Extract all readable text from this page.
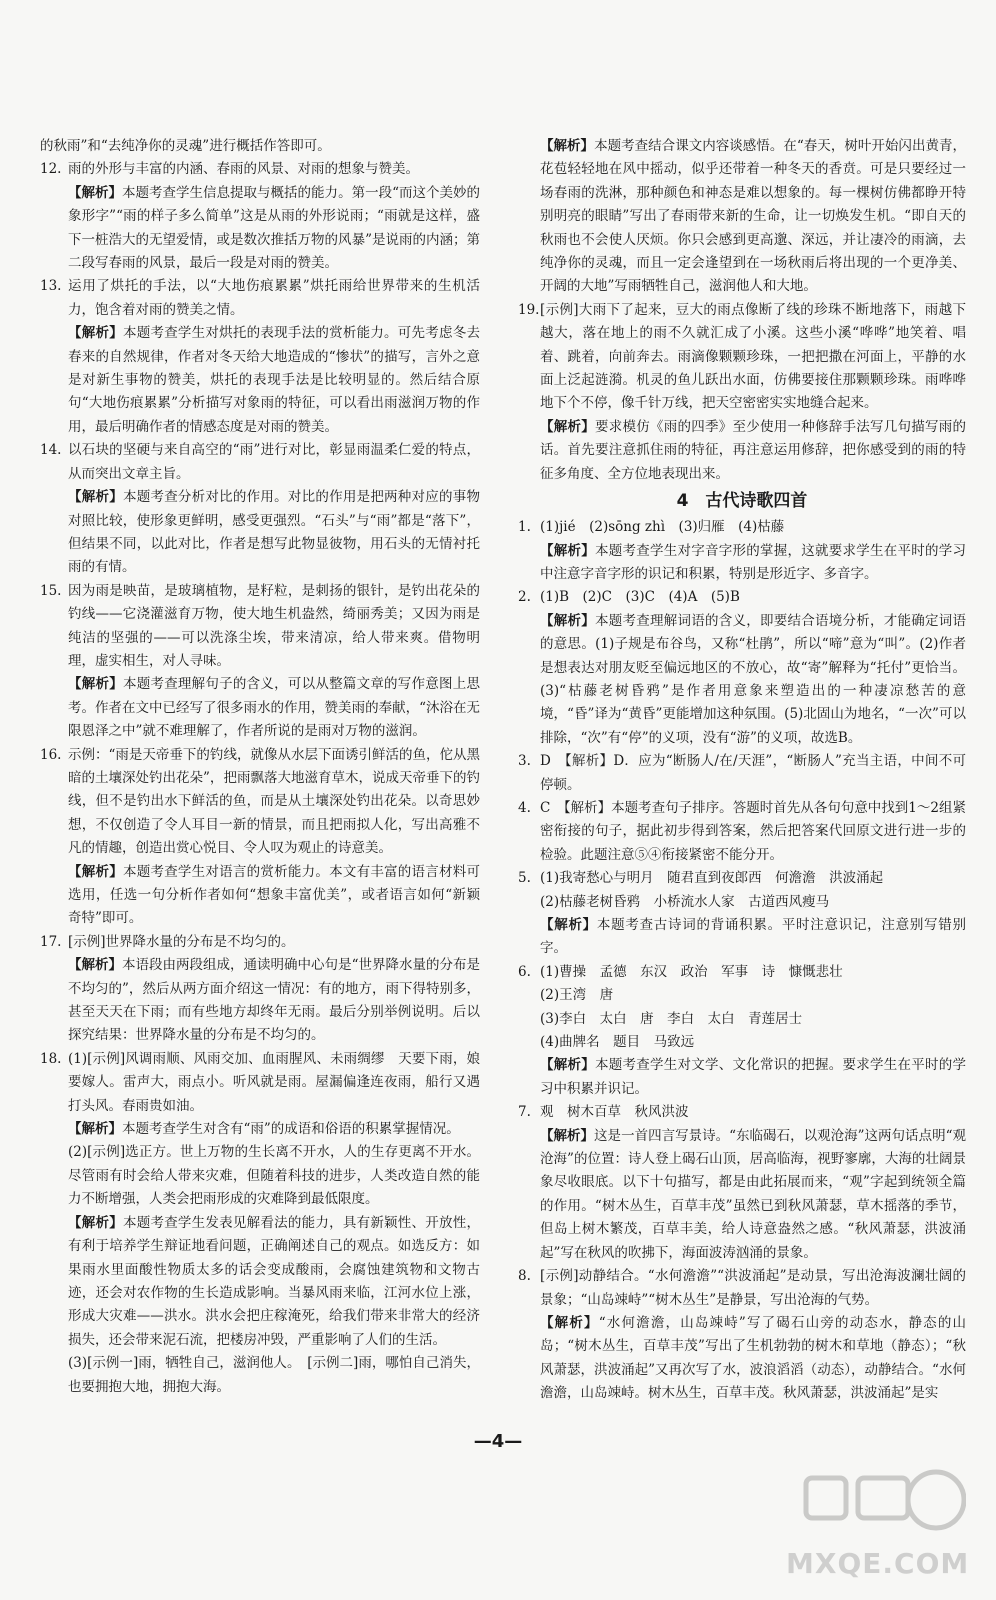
的秋雨”和“去纯净你的灵魂”进行概括作答即可。

12. 雨的外形与丰富的内涵、春雨的风景、对雨的想象与赞美。

【解析】本题考查学生信息提取与概括的能力。第一段“而这个美妙的象形字”“雨的样子多么简单”这是从雨的外形说雨；“雨就是这样，盛下一桩浩大的无望爱情，或是数次推括万物的风暴”是说雨的内涵；第二段写春雨的风景，最后一段是对雨的赞美。

13. 运用了烘托的手法，以“大地伤痕累累”烘托雨给世界带来的生机活力，饱含着对雨的赞美之情。

【解析】本题考查学生对烘托的表现手法的赏析能力。可先考虑冬去春来的自然规律，作者对冬天给大地造成的“惨状”的描写，言外之意是对新生事物的赞美，烘托的表现手法是比较明显的。然后结合原句“大地伤痕累累”分析描写对象雨的特征，可以看出雨滋润万物的作用，最后明确作者的情感态度是对雨的赞美。

14. 以石块的坚硬与来自高空的“雨”进行对比，彰显雨温柔仁爱的特点，从而突出文章主旨。

【解析】本题考查分析对比的作用。对比的作用是把两种对应的事物对照比较，使形象更鲜明，感受更强烈。“石头”与“雨”都是“落下”，但结果不同，以此对比，作者是想写此物显彼物，用石头的无情衬托雨的有情。

15. 因为雨是映苗，是玻璃植物，是籽粒，是刺扬的银针，是钓出花朵的钓线——它浇灌滋育万物，使大地生机盎然，绮丽秀美；又因为雨是纯洁的坚强的——可以洗涤尘埃，带来清凉，给人带来爽。借物明理，虚实相生，对人寻味。

【解析】本题考查理解句子的含义，可以从整篇文章的写作意图上思考。作者在文中已经写了很多雨水的作用，赞美雨的奉献，“沐浴在无限恩泽之中”就不难理解了，作者所说的是雨对万物的滋润。

16. 示例：“雨是天帝垂下的钓线，就像从水层下面诱引鲜活的鱼，佗从黑暗的土壤深处钓出花朵”，把雨飘落大地滋育草木，说成天帝垂下的钓线，但不是钓出水下鲜活的鱼，而是从土壤深处钓出花朵。以奇思妙想，不仅创造了令人耳目一新的情景，而且把雨拟人化，写出高雅不凡的情趣，创造出赏心悦目、令人叹为观止的诗意美。

【解析】本题考查学生对语言的赏析能力。本文有丰富的语言材料可选用，任选一句分析作者如何“想象丰富优美”，或者语言如何“新颖奇特”即可。

17. [示例]世界降水量的分布是不均匀的。

【解析】本语段由两段组成，通读明确中心句是“世界降水量的分布是不均匀的”，然后从两方面介绍这一情况：有的地方，雨下得特别多，甚至天天在下雨；而有些地方却终年无雨。最后分别举例说明。后以探究结果：世界降水量的分布是不均匀的。

18. (1)[示例]风调雨顺、风雨交加、血雨腥风、未雨绸缪　天要下雨，娘要嫁人。雷声大，雨点小。听风就是雨。屋漏偏逢连夜雨，船行又遇打头风。春雨贵如油。

【解析】本题考查学生对含有“雨”的成语和俗语的积累掌握情况。

(2)[示例]选正方。世上万物的生长离不开水，人的生存更离不开水。尽管雨有时会给人带来灾难，但随着科技的进步，人类改造自然的能力不断增强，人类会把雨形成的灾难降到最低限度。

【解析】本题考查学生发表见解看法的能力，具有新颖性、开放性，有利于培养学生辩证地看问题，正确阐述自己的观点。如选反方：如果雨水里面酸性物质太多的话会变成酸雨，会腐蚀建筑物和文物古迹，还会对农作物的生长造成影响。当暴风雨来临，江河水位上涨，形成大灾难——洪水。洪水会把庄稼淹死，给我们带来非常大的经济损失，还会带来泥石流，把楼房冲毁，严重影响了人们的生活。

(3)[示例一]雨，牺牲自己，滋润他人。　[示例二]雨，哪怕自己消失，也要拥抱大地，拥抱大海。

【解析】本题考查结合课文内容谈感悟。在“春天，树叶开始闪出黄青，花苞轻轻地在风中摇动，似乎还带着一种冬天的香贲。可是只要经过一场春雨的洗淋，那种颜色和神态是难以想象的。每一棵树仿佛都睁开特别明亮的眼睛”写出了春雨带来新的生命，让一切焕发生机。“即自天的秋雨也不会使人厌烦。你只会感到更高邈、深远，并让凄冷的雨滴，去纯净你的灵魂，而且一定会逢望到在一场秋雨后将出现的一个更净美、开阔的大地”写雨牺牲自己，滋润他人和大地。

19. [示例]大雨下了起来，豆大的雨点像断了线的珍珠不断地落下，雨越下越大，落在地上的雨不久就汇成了小溪。这些小溪“哗哗”地笑着、唱着、跳着，向前奔去。雨滴像颗颗珍珠，一把把撒在河面上，平静的水面上泛起涟漪。机灵的鱼儿跃出水面，仿佛要接住那颗颗珍珠。雨哗哗地下个不停，像千针万线，把天空密密实实地缝合起来。

【解析】要求模仿《雨的四季》至少使用一种修辞手法写几句描写雨的话。首先要注意抓住雨的特征，再注意运用修辞，把你感受到的雨的特征多角度、全方位地表现出来。

4　古代诗歌四首
1. (1)jié　(2)sōng zhì　(3)归雁　(4)枯藤

【解析】本题考查学生对字音字形的掌握，这就要求学生在平时的学习中注意字音字形的识记和积累，特别是形近字、多音字。

2. (1)B　(2)C　(3)C　(4)A　(5)B

【解析】本题考查理解词语的含义，即要结合语境分析，才能确定词语的意思。(1)子规是布谷鸟，又称“杜鹃”，所以“啼”意为“叫”。(2)作者是想表达对朋友贬至偏远地区的不放心，故“寄”解释为“托付”更恰当。(3)“枯藤老树昏鸦”是作者用意象来塑造出的一种凄凉愁苦的意境，“昏”译为“黄昏”更能增加这种氛围。(5)北固山为地名，“一次”可以排除，“次”有“停”的义项，没有“游”的义项，故选B。

3. D　【解析】D．应为“断肠人/在/天涯”，“断肠人”充当主语，中间不可停顿。
4. C　【解析】本题考查句子排序。答题时首先从各句句意中找到1～2组紧密衔接的句子，据此初步得到答案，然后把答案代回原文进行进一步的检验。此题注意⑤④衔接紧密不能分开。
5. (1)我寄愁心与明月　随君直到夜郎西　何澹澹　洪波涌起

(2)枯藤老树昏鸦　小桥流水人家　古道西风瘦马

【解析】本题考查古诗词的背诵积累。平时注意识记，注意别写错别字。

6. (1)曹操　孟德　东汉　政治　军事　诗　慷慨悲壮

(2)王湾　唐

(3)李白　太白　唐　李白　太白　青莲居士

(4)曲牌名　题目　马致远

【解析】本题考查学生对文学、文化常识的把握。要求学生在平时的学习中积累并识记。

7. 观　树木百草　秋风洪波

【解析】这是一首四言写景诗。“东临碣石，以观沧海”这两句话点明“观沧海”的位置：诗人登上碣石山顶，居高临海，视野寥廓，大海的壮阔景象尽收眼底。以下十句描写，都是由此拓展而来，“观”字起到统领全篇的作用。“树木丛生，百草丰茂”虽然已到秋风萧瑟，草木摇落的季节，但岛上树木繁茂，百草丰美，给人诗意盎然之感。“秋风萧瑟，洪波涌起”写在秋风的吹拂下，海面波涛汹涌的景象。

8. [示例]动静结合。“水何澹澹”“洪波涌起”是动景，写出沧海波澜壮阔的景象；“山岛竦峙”“树木丛生”是静景，写出沧海的气势。

【解析】“水何澹澹，山岛竦峙”写了碣石山旁的动态水，静态的山岛；“树木丛生，百草丰茂”写出了生机勃勃的树木和草地（静态）；“秋风萧瑟，洪波涌起”又再次写了水，波浪滔滔（动态），动静结合。“水何澹澹，山岛竦峙。树木丛生，百草丰茂。秋风萧瑟，洪波涌起”是实

—4—
MXQE.COM
